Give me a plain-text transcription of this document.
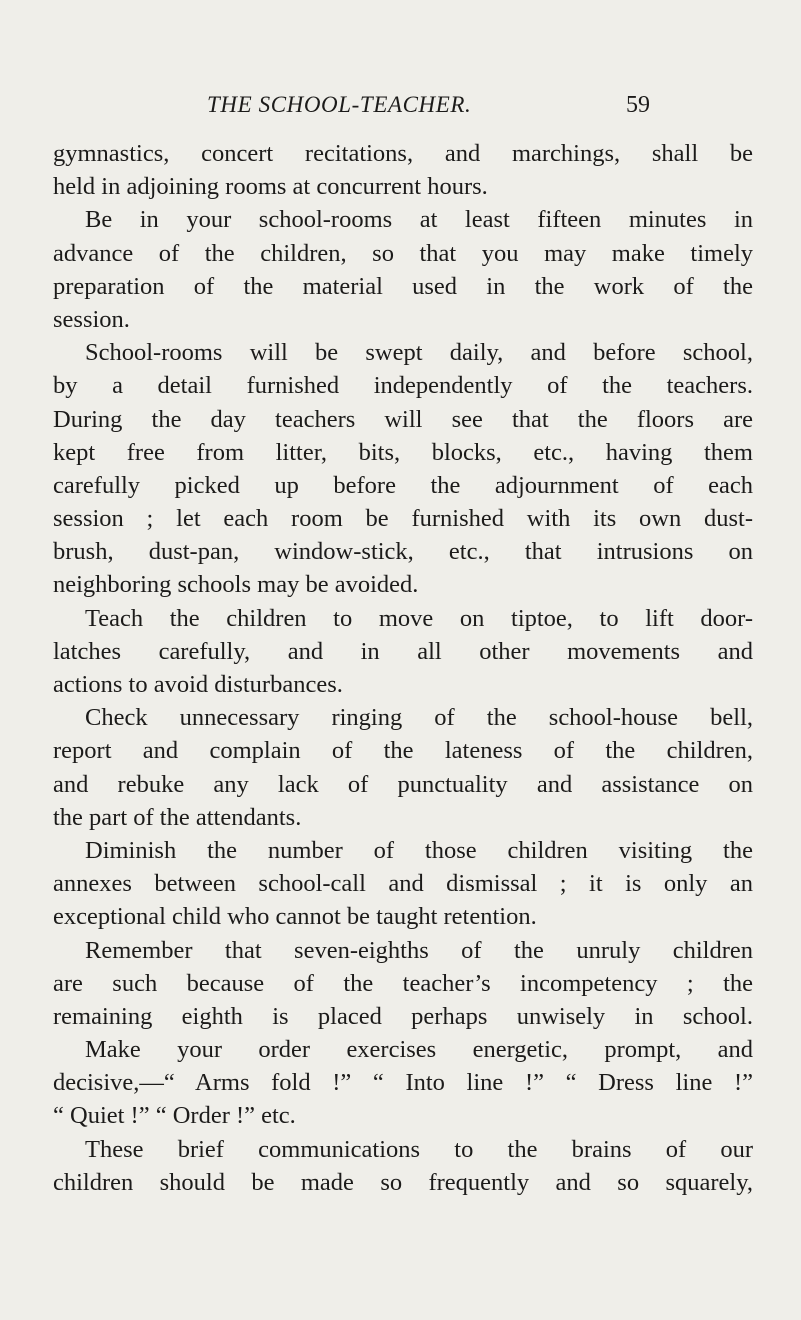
THE SCHOOL-TEACHER.	59
gymnastics, concert recitations, and marchings, shall be
held in adjoining rooms at concurrent hours.
Be in your school-rooms at least fifteen minutes in
advance of the children, so that you may make timely
preparation of the material used in the work of the
session.
School-rooms will be swept daily, and before school,
by a detail furnished independently of the teachers.
During the day teachers will see that the floors are
kept free from litter, bits, blocks, etc., having them
carefully picked up before the adjournment of each
session ; let each room be furnished with its own dust-
brush, dust-pan, window-stick, etc., that intrusions on
neighboring schools may be avoided.
Teach the children to move on tiptoe, to lift door-
latches carefully, and in all other movements and
actions to avoid disturbances.
Check unnecessary ringing of the school-house bell,
report and complain of the lateness of the children,
and rebuke any lack of punctuality and assistance on
the part of the attendants.
Diminish the number of those children visiting the
annexes between school-call and dismissal ; it is only an
exceptional child who cannot be taught retention.
Remember that seven-eighths of the unruly children
are such because of the teacher’s incompetency ; the
remaining eighth is placed perhaps unwisely in school.
Make your order exercises energetic, prompt, and
decisive,—“ Arms fold !” “ Into line !” “ Dress line !”
“ Quiet !” “ Order !” etc.
These brief communications to the brains of our
children should be made so frequently and so squarely,
